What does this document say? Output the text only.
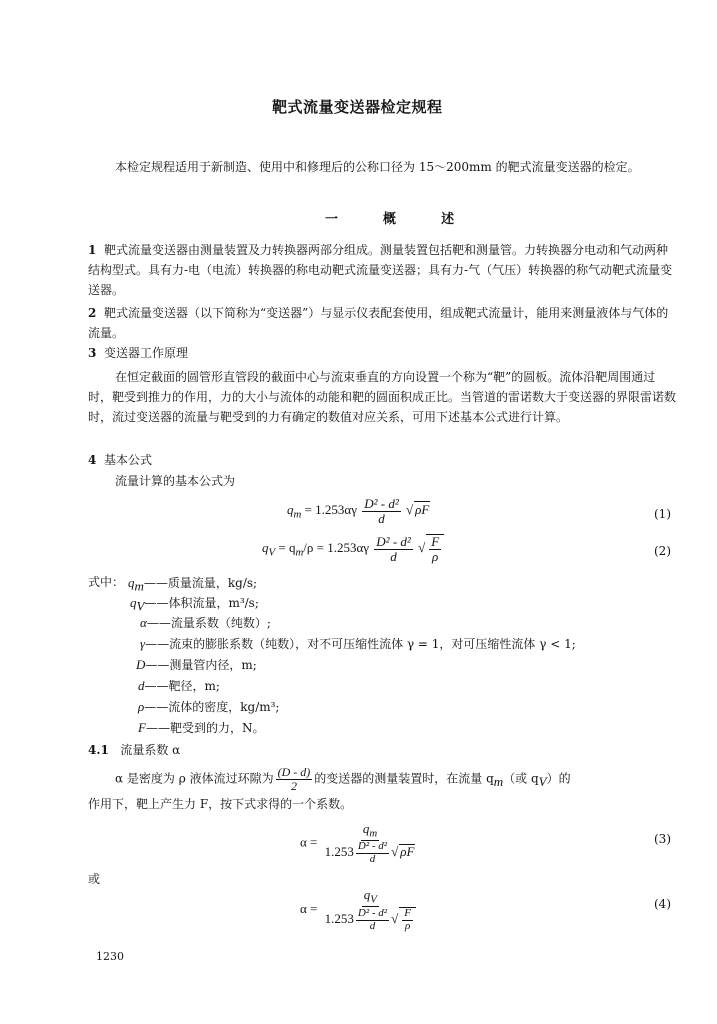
靶式流量变送器检定规程
本检定规程适用于新制造、使用中和修理后的公称口径为 15～200mm 的靶式流量变送器的检定。
一  概  述
1 靶式流量变送器由测量装置及力转换器两部分组成。测量装置包括靶和测量管。力转换器分电动和气动两种结构型式。具有力-电（电流）转换器的称电动靶式流量变送器；具有力-气（气压）转换器的称气动靶式流量变送器。
2 靶式流量变送器（以下简称为“变送器”）与显示仪表配套使用，组成靶式流量计，能用来测量液体与气体的流量。
3 变送器工作原理
在恒定截面的圆管形直管段的截面中心与流束垂直的方向设置一个称为“靶”的圆板。流体沿靶周围通过时，靶受到推力的作用，力的大小与流体的动能和靶的圆面积成正比。当管道的雷诺数大于变送器的界限雷诺数时，流过变送器的流量与靶受到的力有确定的数值对应关系，可用下述基本公式进行计算。
4 基本公式
流量计算的基本公式为
$q_m = 1.253\alpha\gamma \frac{\text{D² - d²}}{d}$ √ ρF	(1)
$q_V = q_m/\rho = 1.253\alpha\gamma \frac{\text{D² - d²}}{d}$ √ $\frac{F}{\rho}$	(2)
式中： $q_m——$质量流量，kg/s;
$q_V——$体积流量，m³/s;
α——流量系数（纯数）;
γ——流束的膨胀系数（纯数），对不可压缩性流体 γ = 1，对可压缩性流体 γ < 1;
D——测量管内径，m;
d——靶径，m;
ρ——流体的密度，kg/m³;
F——靶受到的力，N。
4.1 流量系数 α
α 是密度为 ρ 液体流过环隙为 $\frac{(D - d)}{2}$ 的变送器的测量装置时，在流量 $q_m$（或 $q_V$）的
作用下，靶上产生力 F，按下式求得的一个系数。
$\alpha = \frac{q_m}{1.253 \frac{\text{D² - d²}}{d} √ \rho F}$	(3)
或
$\alpha = \frac{q_V}{1.253 \frac{\text{D² - d²}}{d} √ \frac{F}{\rho}}$	(4)
1230
